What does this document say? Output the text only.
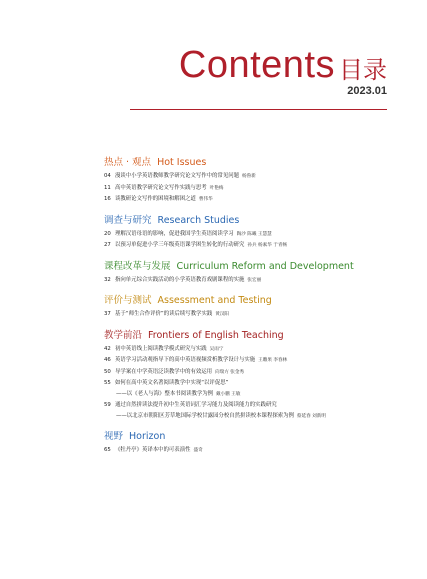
Contents 目录
2023.01
热点 · 观点 Hot Issues
04 漫谈中小学英语教师教学研究论文写作中的常见问题 杨鲁新
11 高中英语教学研究论文写作实践与思考 叶艳梅
16 谈教研论文写作的困境和解困之道 曹伟华
调查与研究 Research Studies
20 理解汉语母语的影响，促进我国学生英语阅读学习 陶沙 陈曦 王慧慧
27 以预习单促进小学三年级英语课学困生转化的行动研究 孙兵 杨素华 于青畅
课程改革与发展 Curriculum Reform and Development
32 指向单元综合实践活动的小学英语教育戏剧课程的实施 张宏丽
评价与测试 Assessment and Testing
37 基于“师生合作评价”的读后续写教学实践 黄汉阳
教学前沿 Frontiers of English Teaching
42 初中英语线上阅读教学模式研究与实践 吴雨宁
46 英语学习活动观指导下的高中英语视频赏析教学设计与实施 王雕果 李春林
50 导学案在中学英语泛读教学中的有效运用 向瑞方 张金秀
55 如何在高中英文名著阅读教学中实现“以评促思”
——以《老人与海》整本书阅读教学为例 戴小鹏 王敏
59 通过自然拼读法提升初中生英语词汇学习能力及阅读能力的实践研究
——以北京市朝阳区芳草地国际学校甘露园分校自然拼读校本课程探索为例 蔡延春 刘新明
视野 Horizon
65 《牡丹亭》英译本中的可表演性 盛奇
